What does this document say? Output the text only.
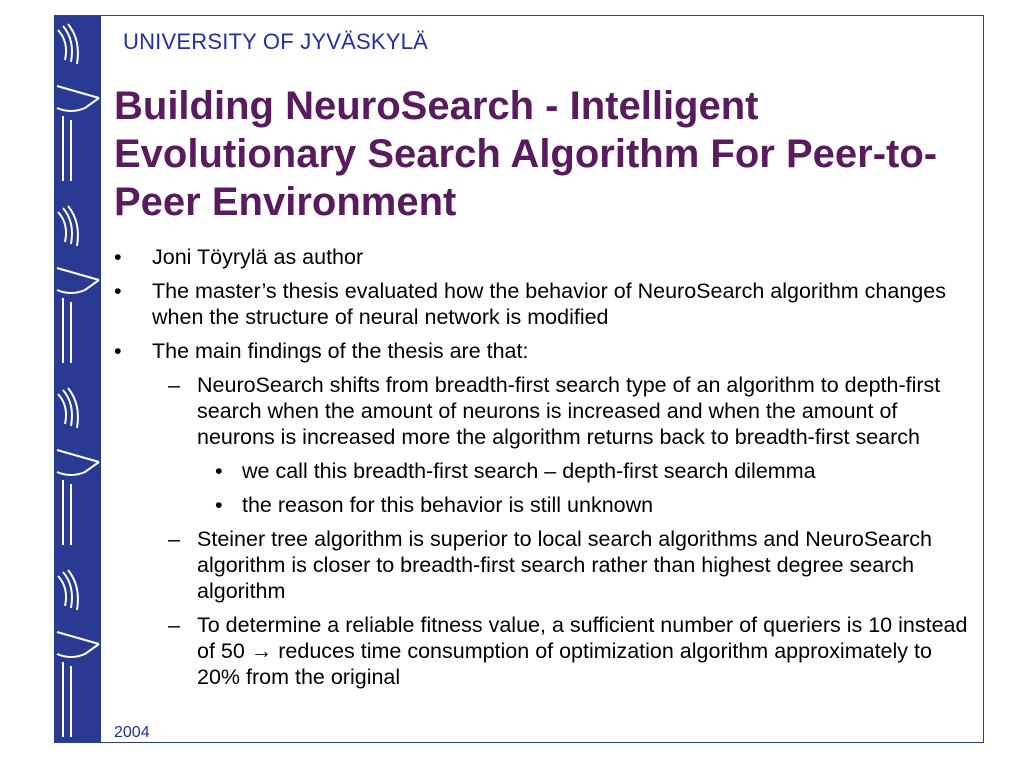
UNIVERSITY OF JYVÄSKYLÄ
Building NeuroSearch - Intelligent Evolutionary Search Algorithm For Peer-to-Peer Environment
• Joni Töyrylä as author
• The master’s thesis evaluated how the behavior of NeuroSearch algorithm changes when the structure of neural network is modified
• The main findings of the thesis are that:
– NeuroSearch shifts from breadth-first search type of an algorithm to depth-first search when the amount of neurons is increased and when the amount of neurons is increased more the algorithm returns back to breadth-first search
• we call this breadth-first search – depth-first search dilemma
• the reason for this behavior is still unknown
– Steiner tree algorithm is superior to local search algorithms and NeuroSearch algorithm is closer to breadth-first search rather than highest degree search algorithm
– To determine a reliable fitness value, a sufficient number of queriers is 10 instead of 50 → reduces time consumption of optimization algorithm approximately to 20% from the original
2004
